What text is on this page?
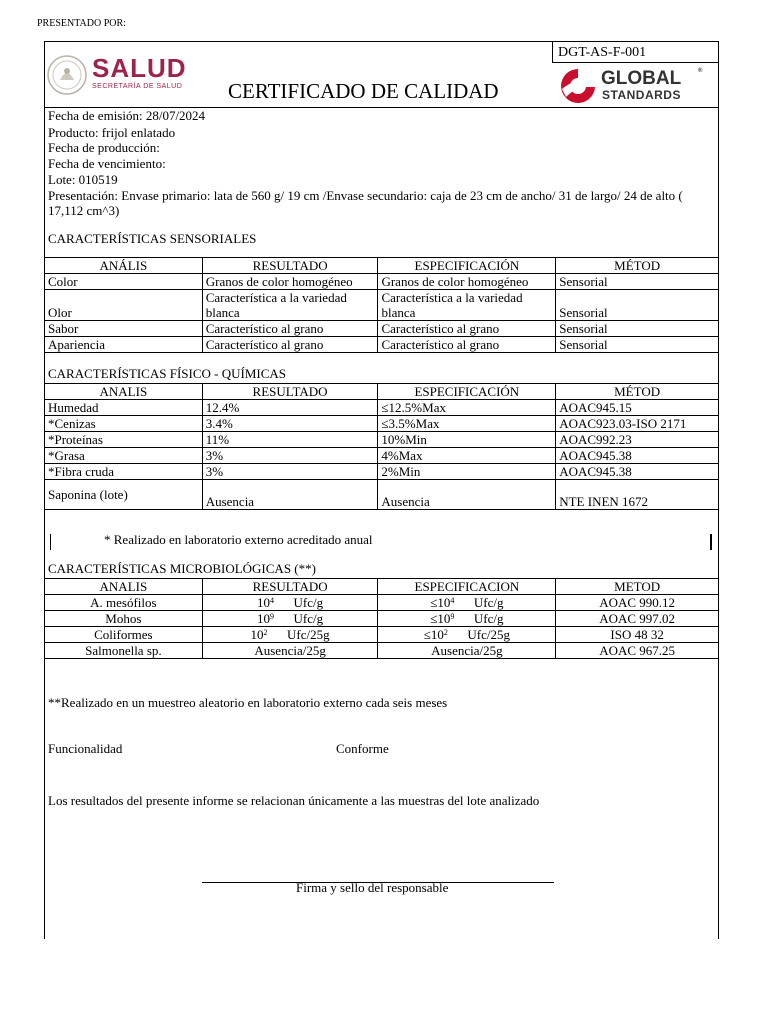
PRESENTADO POR:
DGT-AS-F-001
SALUD
SECRETARÍA DE SALUD CERTIFICADO DE CALIDAD
GLOBAL	®
STANDARDS
Fecha de emisión: 28/07/2024
Producto: frijol enlatado
Fecha de producción:
Fecha de vencimiento:
Lote: 010519
Presentación: Envase primario: lata de 560 g/ 19 cm /Envase secundario: caja de 23 cm de ancho/ 31 de largo/ 24 de alto ( 17,112 cm^3)
CARACTERÍSTICAS SENSORIALES
ANÁLIS	RESULTADO	ESPECIFICACIÓN	MÉTOD
Color	Granos de color homogéneo	Granos de color homogéneo	Sensorial
Olor	Característica a la variedad blanca	Característica a la variedad blanca	Sensorial
Sabor	Característico al grano	Característico al grano	Sensorial
Apariencia	Característico al grano	Característico al grano	Sensorial
CARACTERÍSTICAS FÍSICO - QUÍMICAS
ANALIS	RESULTADO	ESPECIFICACIÓN	MÉTOD
Humedad	12.4%	≤12.5%Max	AOAC945.15
*Cenizas	3.4%	≤3.5%Max	AOAC923.03-ISO 2171
*Proteínas	11%	10%Min	AOAC992.23
*Grasa	3%	4%Max	AOAC945.38
*Fibra cruda	3%	2%Min	AOAC945.38
Saponina (lote)	Ausencia	Ausencia	NTE INEN 1672
* Realizado en laboratorio externo acreditado anual
CARACTERÍSTICAS MICROBIOLÓGICAS (**)
ANALIS	RESULTADO	ESPECIFICACION	METOD
A. mesófilos	$10^4$ Ufc/g	$\le 10^4$ Ufc/g	AOAC 990.12
Mohos	$10^9$ Ufc/g	$\le 10^9$ Ufc/g	AOAC 997.02
Coliformes	$10^2$ Ufc/25g	$\le 10^2$ Ufc/25g	ISO 48 32
Salmonella sp.	Ausencia/25g	Ausencia/25g	AOAC 967.25
**Realizado en un muestreo aleatorio en laboratorio externo cada seis meses
Funcionalidad	Conforme
Los resultados del presente informe se relacionan únicamente a las muestras del lote analizado
Firma y sello del responsable
